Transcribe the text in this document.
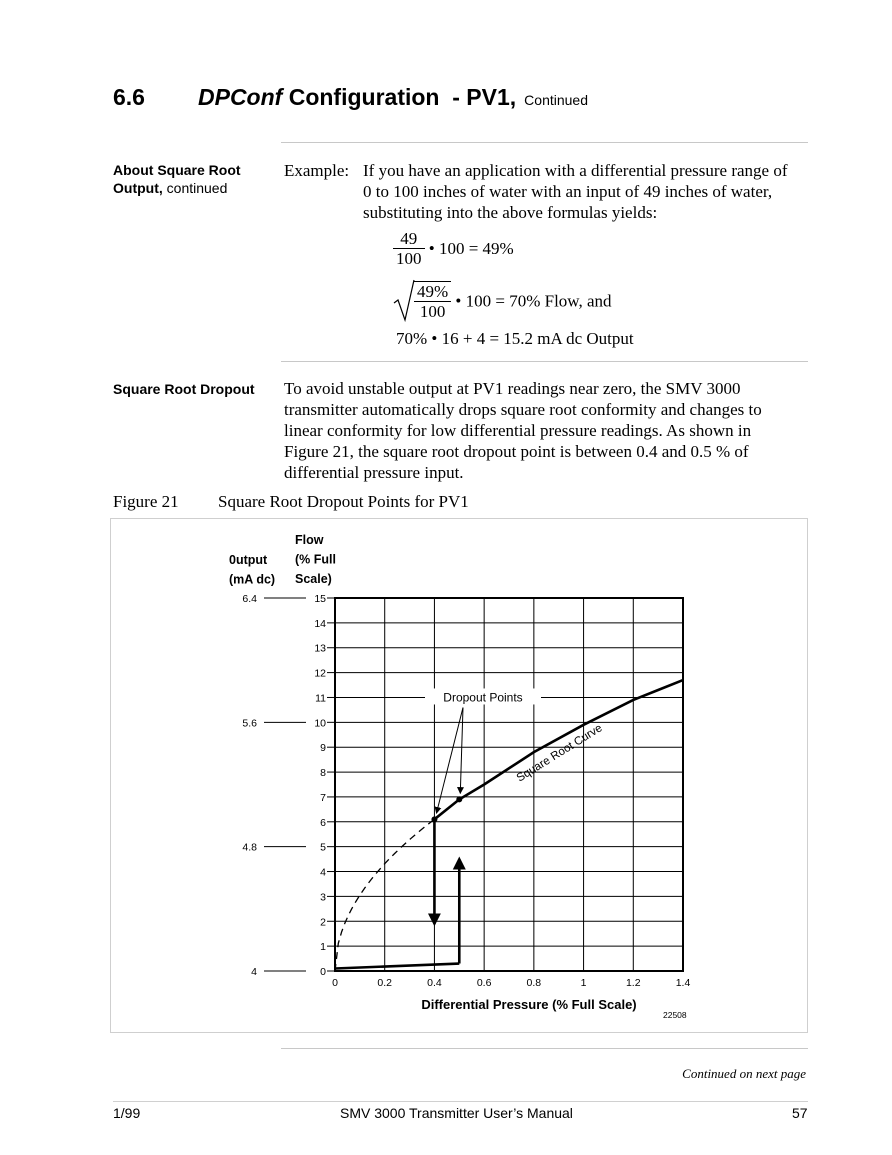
6.6 DPConf Configuration  - PV1, Continued
About Square Root Output, continued
Example: If you have an application with a differential pressure range of
0 to 100 inches of water with an input of 49 inches of water,
substituting into the above formulas yields:
$\frac{49}{100}$ • 100 = 49%
$\frac{49\%}{100}$ • 100 = 70% Flow, and
70% • 16 + 4 = 15.2 mA dc Output
Square Root Dropout To avoid unstable output at PV1 readings near zero, the SMV 3000
transmitter automatically drops square root conformity and changes to
linear conformity for low differential pressure readings. As shown in
Figure 21, the square root dropout point is between 0.4 and 0.5 % of
differential pressure input.
Figure 21 Square Root Dropout Points for PV1
0
1
2
3
4
5
6
7
8
9
10
11
12
13
14
15
0	0.2	0.4	0.6	0.8	1	1.2	1.4
4
4.8
5.6
6.4
Flow
(% Full
Scale)
0utput
(mA dc)
Differential Pressure (% Full Scale)
22508
Dropout Points
Square Root Curve
Continued on next page
1/99	SMV 3000 Transmitter User’s Manual	57
